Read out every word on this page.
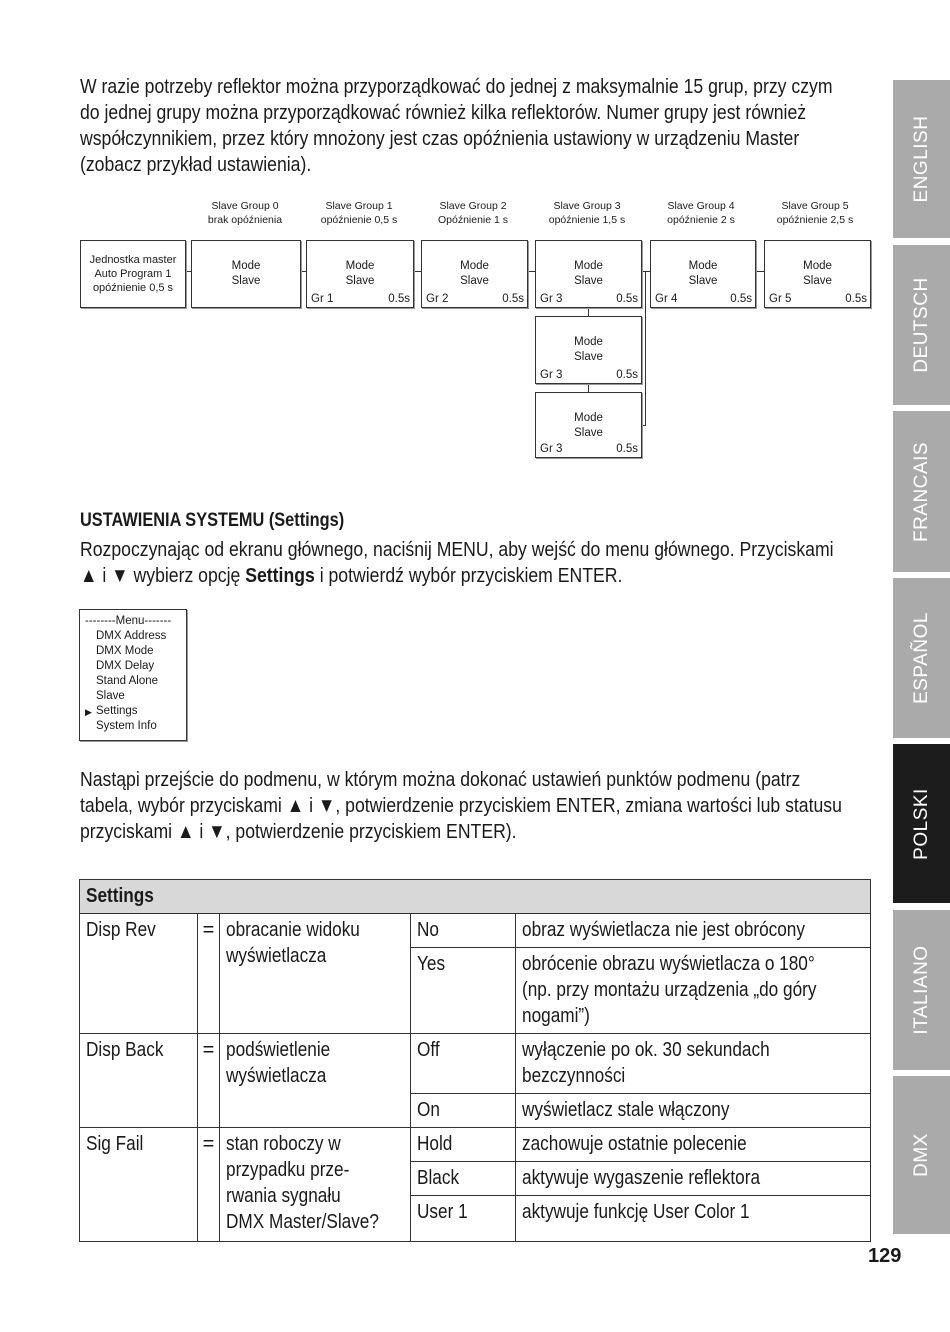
W razie potrzeby reflektor można przyporządkować do jednej z maksymalnie 15 grup, przy czym
do jednej grupy można przyporządkować również kilka reflektorów. Numer grupy jest również
współczynnikiem, przez który mnożony jest czas opóźnienia ustawiony w urządzeniu Master
(zobacz przykład ustawienia).
Slave Group 0
brak opóźnienia
Slave Group 1
opóźnienie 0,5 s
Slave Group 2
Opóźnienie 1 s
Slave Group 3
opóźnienie 1,5 s
Slave Group 4
opóźnienie 2 s
Slave Group 5
opóźnienie 2,5 s
Jednostka master
Auto Program 1
opóźnienie 0,5 s
Mode
Slave
Mode
Slave
Gr 1	0.5s
Mode
Slave
Gr 2	0.5s
Mode
Slave
Gr 3	0.5s
Mode
Slave
Gr 4	0.5s
Mode
Slave
Gr 5	0.5s
Mode
Slave
Gr 3	0.5s
Mode
Slave
Gr 3	0.5s
USTAWIENIA SYSTEMU (Settings)
Rozpoczynając od ekranu głównego, naciśnij MENU, aby wejść do menu głównego. Przyciskami
▲ i ▼ wybierz opcję Settings i potwierdź wybór przyciskiem ENTER.
--------Menu-------
DMX Address
DMX Mode
DMX Delay
Stand Alone
Slave
▶ Settings
System Info
Nastąpi przejście do podmenu, w którym można dokonać ustawień punktów podmenu (patrz
tabela, wybór przyciskami ▲ i ▼, potwierdzenie przyciskiem ENTER, zmiana wartości lub statusu
przyciskami ▲ i ▼, potwierdzenie przyciskiem ENTER).
Settings				
Disp Rev	=	obracanie widoku
wyświetlacza	No	obraz wyświetlacza nie jest obrócony
			Yes	obrócenie obrazu wyświetlacza o 180°
(np. przy montażu urządzenia „do góry
nogami”)
Disp Back	=	podświetlenie
wyświetlacza	Off	wyłączenie po ok. 30 sekundach
bezczynności
			On	wyświetlacz stale włączony
Sig Fail	=	stan roboczy w
przypadku prze-
rwania sygnału
DMX Master/Slave?	Hold	zachowuje ostatnie polecenie
			Black	aktywuje wygaszenie reflektora
			User 1	aktywuje funkcję User Color 1
ENGLISH
DEUTSCH
FRANCAIS
ESPAÑOL
POLSKI
ITALIANO
DMX
129
